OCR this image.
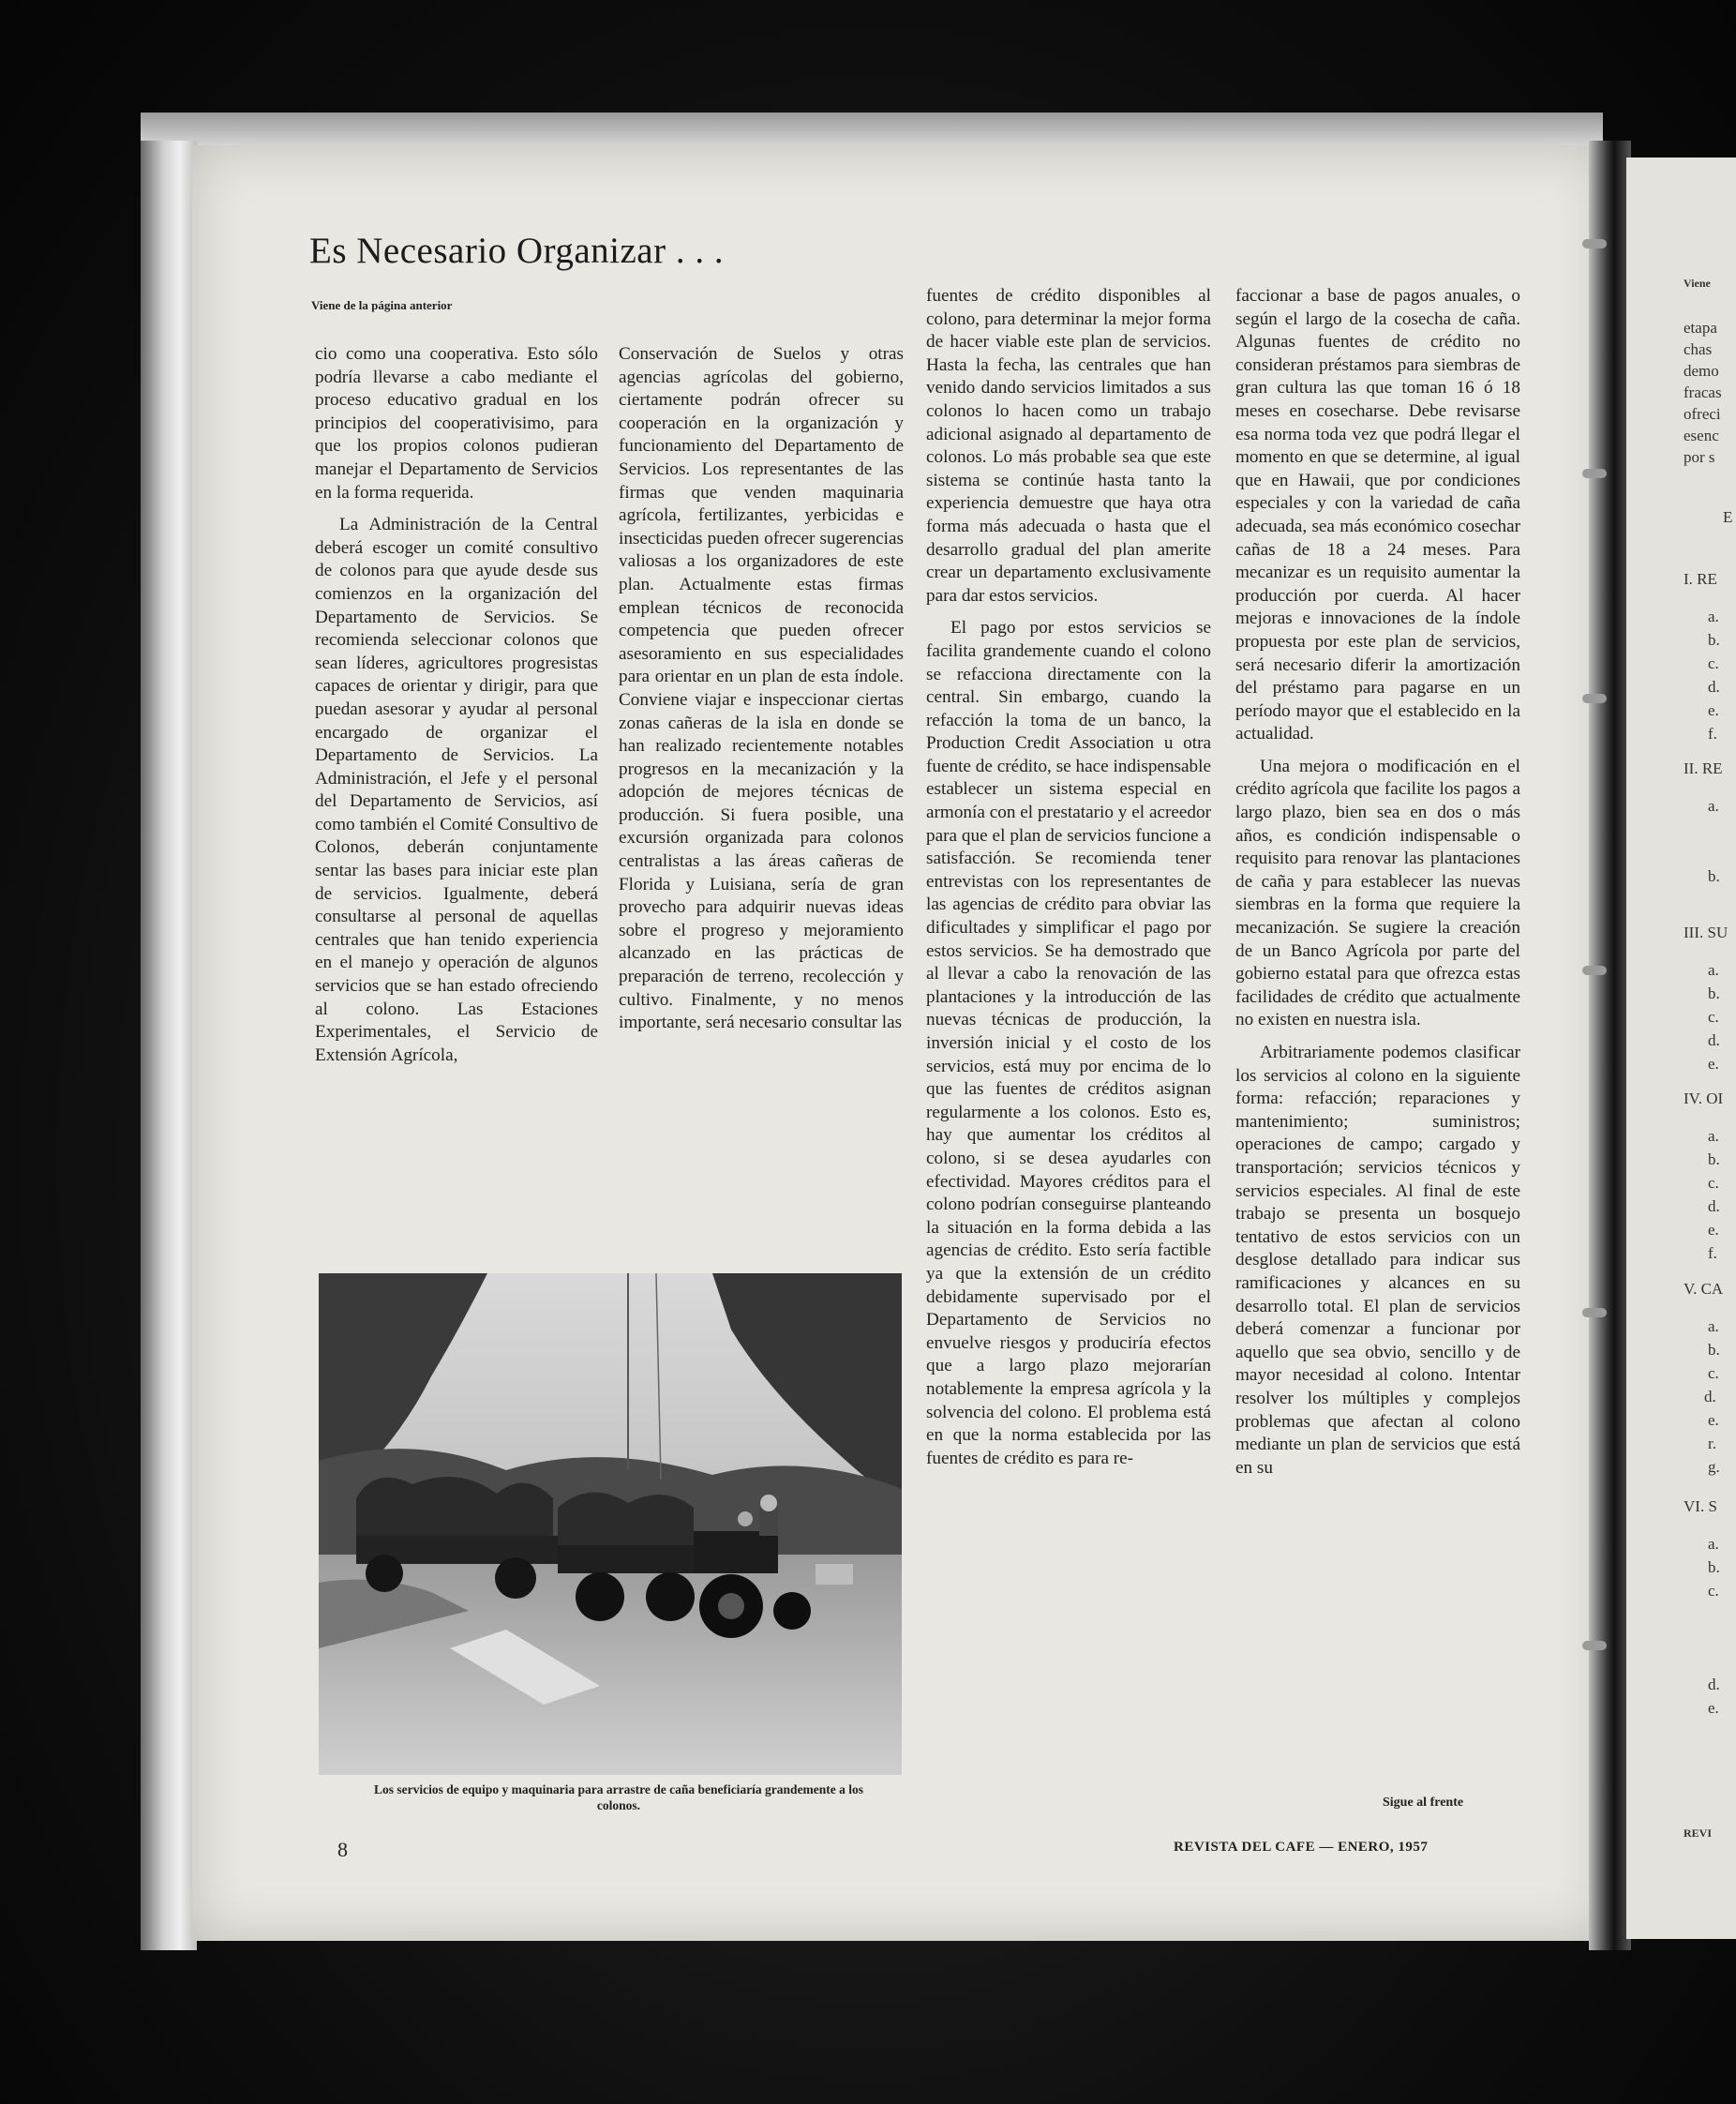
Es Necesario Organizar . . .
Viene de la página anterior

cio como una cooperativa. Esto sólo podría llevarse a cabo mediante el proceso educativo gradual en los principios del cooperativisimo, para que los propios colonos pudieran manejar el Departamento de Servicios en la forma requerida.

La Administración de la Central deberá escoger un comité consultivo de colonos para que ayude desde sus comienzos en la organización del Departamento de Servicios. Se recomienda seleccionar colonos que sean líderes, agricultores progresistas capaces de orientar y dirigir, para que puedan asesorar y ayudar al personal encargado de organizar el Departamento de Servicios. La Administración, el Jefe y el personal del Departamento de Servicios, así como también el Comité Consultivo de Colonos, deberán conjuntamente sentar las bases para iniciar este plan de servicios. Igualmente, deberá consultarse al personal de aquellas centrales que han tenido experiencia en el manejo y operación de algunos servicios que se han estado ofreciendo al colono. Las Estaciones Experimentales, el Servicio de Extensión Agrícola,

Conservación de Suelos y otras agencias agrícolas del gobierno, ciertamente podrán ofrecer su cooperación en la organización y funcionamiento del Departamento de Servicios. Los representantes de las firmas que venden maquinaria agrícola, fertilizantes, yerbicidas e insecticidas pueden ofrecer sugerencias valiosas a los organizadores de este plan. Actualmente estas firmas emplean técnicos de reconocida competencia que pueden ofrecer asesoramiento en sus especialidades para orientar en un plan de esta índole. Conviene viajar e inspeccionar ciertas zonas cañeras de la isla en donde se han realizado recientemente notables progresos en la mecanización y la adopción de mejores técnicas de producción. Si fuera posible, una excursión organizada para colonos centralistas a las áreas cañeras de Florida y Luisiana, sería de gran provecho para adquirir nuevas ideas sobre el progreso y mejoramiento alcanzado en las prácticas de preparación de terreno, recolección y cultivo. Finalmente, y no menos importante, será necesario consultar las

fuentes de crédito disponibles al colono, para determinar la mejor forma de hacer viable este plan de servicios. Hasta la fecha, las centrales que han venido dando servicios limitados a sus colonos lo hacen como un trabajo adicional asignado al departamento de colonos. Lo más probable sea que este sistema se continúe hasta tanto la experiencia demuestre que haya otra forma más adecuada o hasta que el desarrollo gradual del plan amerite crear un departamento exclusivamente para dar estos servicios.

El pago por estos servicios se facilita grandemente cuando el colono se refacciona directamente con la central. Sin embargo, cuando la refacción la toma de un banco, la Production Credit Association u otra fuente de crédito, se hace indispensable establecer un sistema especial en armonía con el prestatario y el acreedor para que el plan de servicios funcione a satisfacción. Se recomienda tener entrevistas con los representantes de las agencias de crédito para obviar las dificultades y simplificar el pago por estos servicios. Se ha demostrado que al llevar a cabo la renovación de las plantaciones y la introducción de las nuevas técnicas de producción, la inversión inicial y el costo de los servicios, está muy por encima de lo que las fuentes de créditos asignan regularmente a los colonos. Esto es, hay que aumentar los créditos al colono, si se desea ayudarles con efectividad. Mayores créditos para el colono podrían conseguirse planteando la situación en la forma debida a las agencias de crédito. Esto sería factible ya que la extensión de un crédito debidamente supervisado por el Departamento de Servicios no envuelve riesgos y produciría efectos que a largo plazo mejorarían notablemente la empresa agrícola y la solvencia del colono. El problema está en que la norma establecida por las fuentes de crédito es para re-

faccionar a base de pagos anuales, o según el largo de la cosecha de caña. Algunas fuentes de crédito no consideran préstamos para siembras de gran cultura las que toman 16 ó 18 meses en cosecharse. Debe revisarse esa norma toda vez que podrá llegar el momento en que se determine, al igual que en Hawaii, que por condiciones especiales y con la variedad de caña adecuada, sea más económico cosechar cañas de 18 a 24 meses. Para mecanizar es un requisito aumentar la producción por cuerda. Al hacer mejoras e innovaciones de la índole propuesta por este plan de servicios, será necesario diferir la amortización del préstamo para pagarse en un período mayor que el establecido en la actualidad.

Una mejora o modificación en el crédito agrícola que facilite los pagos a largo plazo, bien sea en dos o más años, es condición indispensable o requisito para renovar las plantaciones de caña y para establecer las nuevas siembras en la forma que requiere la mecanización. Se sugiere la creación de un Banco Agrícola por parte del gobierno estatal para que ofrezca estas facilidades de crédito que actualmente no existen en nuestra isla.

Arbitrariamente podemos clasificar los servicios al colono en la siguiente forma: refacción; reparaciones y mantenimiento; suministros; operaciones de campo; cargado y transportación; servicios técnicos y servicios especiales. Al final de este trabajo se presenta un bosquejo tentativo de estos servicios con un desglose detallado para indicar sus ramificaciones y alcances en su desarrollo total. El plan de servicios deberá comenzar a funcionar por aquello que sea obvio, sencillo y de mayor necesidad al colono. Intentar resolver los múltiples y complejos problemas que afectan al colono mediante un plan de servicios que está en su

Los servicios de equipo y maquinaria para arrastre de caña beneficiaría grandemente a los colonos.	Sigue al frente
8	REVISTA DEL CAFE — ENERO, 1957
Viene
etapa
chas
demo
fracas
ofreci
esenc
por s
E
I. RE
a.
b.
c.
d.
e.
f.
II. RE
a.
b.
III. SU
a.
b.
c.
d.
e.
IV. OI
a.
b.
c.
d.
e.
f.
V. CA
a.
b.
c.
d.
e.
r.
g.
VI. S
a.
b.
c.
d.
e.
REVI
